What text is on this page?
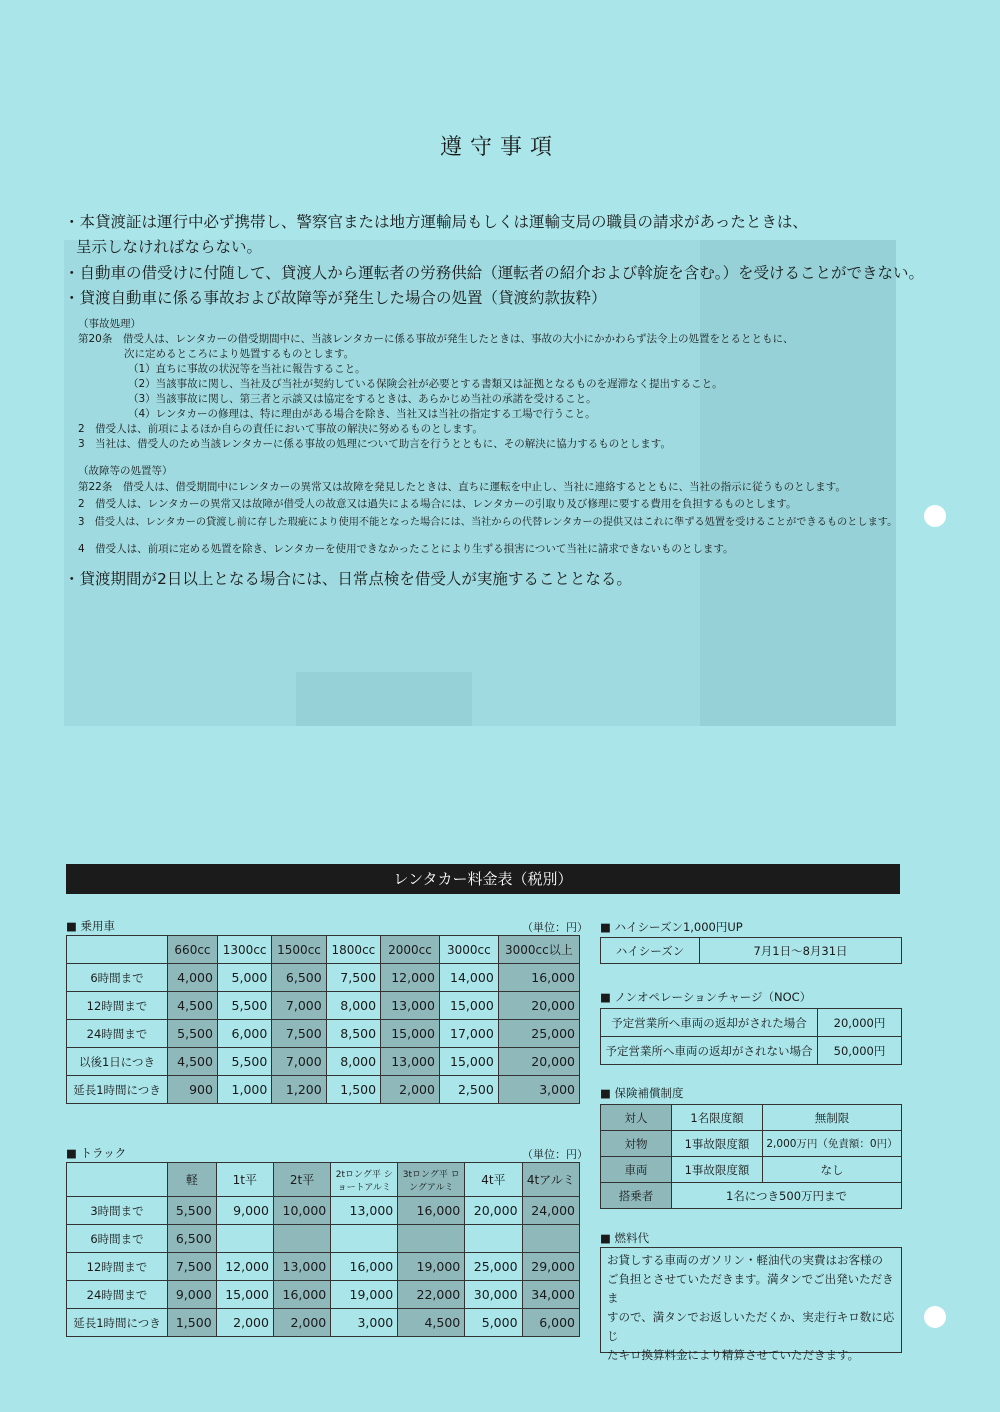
遵守事項
・本貸渡証は運行中必ず携帯し、警察官または地方運輸局もしくは運輸支局の職員の請求があったときは、
呈示しなければならない。
・自動車の借受けに付随して、貸渡人から運転者の労務供給（運転者の紹介および斡旋を含む。）を受けることができない。
・貸渡自動車に係る事故および故障等が発生した場合の処置（貸渡約款抜粋）
（事故処理）
第20条　借受人は、レンタカーの借受期間中に、当該レンタカーに係る事故が発生したときは、事故の大小にかかわらず法令上の処置をとるとともに、
次に定めるところにより処置するものとします。
（1）直ちに事故の状況等を当社に報告すること。
（2）当該事故に関し、当社及び当社が契約している保険会社が必要とする書類又は証拠となるものを遅滞なく提出すること。
（3）当該事故に関し、第三者と示談又は協定をするときは、あらかじめ当社の承諾を受けること。
（4）レンタカーの修理は、特に理由がある場合を除き、当社又は当社の指定する工場で行うこと。
2　借受人は、前項によるほか自らの責任において事故の解決に努めるものとします。
3　当社は、借受人のため当該レンタカーに係る事故の処理について助言を行うとともに、その解決に協力するものとします。
（故障等の処置等）
第22条　借受人は、借受期間中にレンタカーの異常又は故障を発見したときは、直ちに運転を中止し、当社に連絡するとともに、当社の指示に従うものとします。
2　借受人は、レンタカーの異常又は故障が借受人の故意又は過失による場合には、レンタカーの引取り及び修理に要する費用を負担するものとします。
3　借受人は、レンタカーの貸渡し前に存した瑕疵により使用不能となった場合には、当社からの代替レンタカーの提供又はこれに準ずる処置を受けることができるものとします。
4　借受人は、前項に定める処置を除き、レンタカーを使用できなかったことにより生ずる損害について当社に請求できないものとします。
・貸渡期間が2日以上となる場合には、日常点検を借受人が実施することとなる。
レンタカー料金表（税別）
■ 乗用車	（単位：円）
	660cc	1300cc	1500cc	1800cc	2000cc	3000cc	3000cc以上
6時間まで	4,000	5,000	6,500	7,500	12,000	14,000	16,000
12時間まで	4,500	5,500	7,000	8,000	13,000	15,000	20,000
24時間まで	5,500	6,000	7,500	8,500	15,000	17,000	25,000
以後1日につき	4,500	5,500	7,000	8,000	13,000	15,000	20,000
延長1時間につき	900	1,000	1,200	1,500	2,000	2,500	3,000
■ トラック	（単位：円）
	軽	1t平	2t平	2tロング平 ショートアルミ	3tロング平 ロングアルミ	4t平	4tアルミ
3時間まで	5,500	9,000	10,000	13,000	16,000	20,000	24,000
6時間まで	6,500						
12時間まで	7,500	12,000	13,000	16,000	19,000	25,000	29,000
24時間まで	9,000	15,000	16,000	19,000	22,000	30,000	34,000
延長1時間につき	1,500	2,000	2,000	3,000	4,500	5,000	6,000
■ ハイシーズン1,000円UP
ハイシーズン	7月1日〜8月31日
■ ノンオペレーションチャージ（NOC）
予定営業所へ車両の返却がされた場合	20,000円
予定営業所へ車両の返却がされない場合	50,000円
■ 保険補償制度
対人	1名限度額	無制限
対物	1事故限度額	2,000万円（免責額：0円）
車両	1事故限度額	なし
搭乗者	1名につき500万円まで	
■ 燃料代
お貸しする車両のガソリン・軽油代の実費はお客様の
ご負担とさせていただきます。満タンでご出発いただきま
すので、満タンでお返しいただくか、実走行キロ数に応じ
たキロ換算料金により精算させていただきます。
